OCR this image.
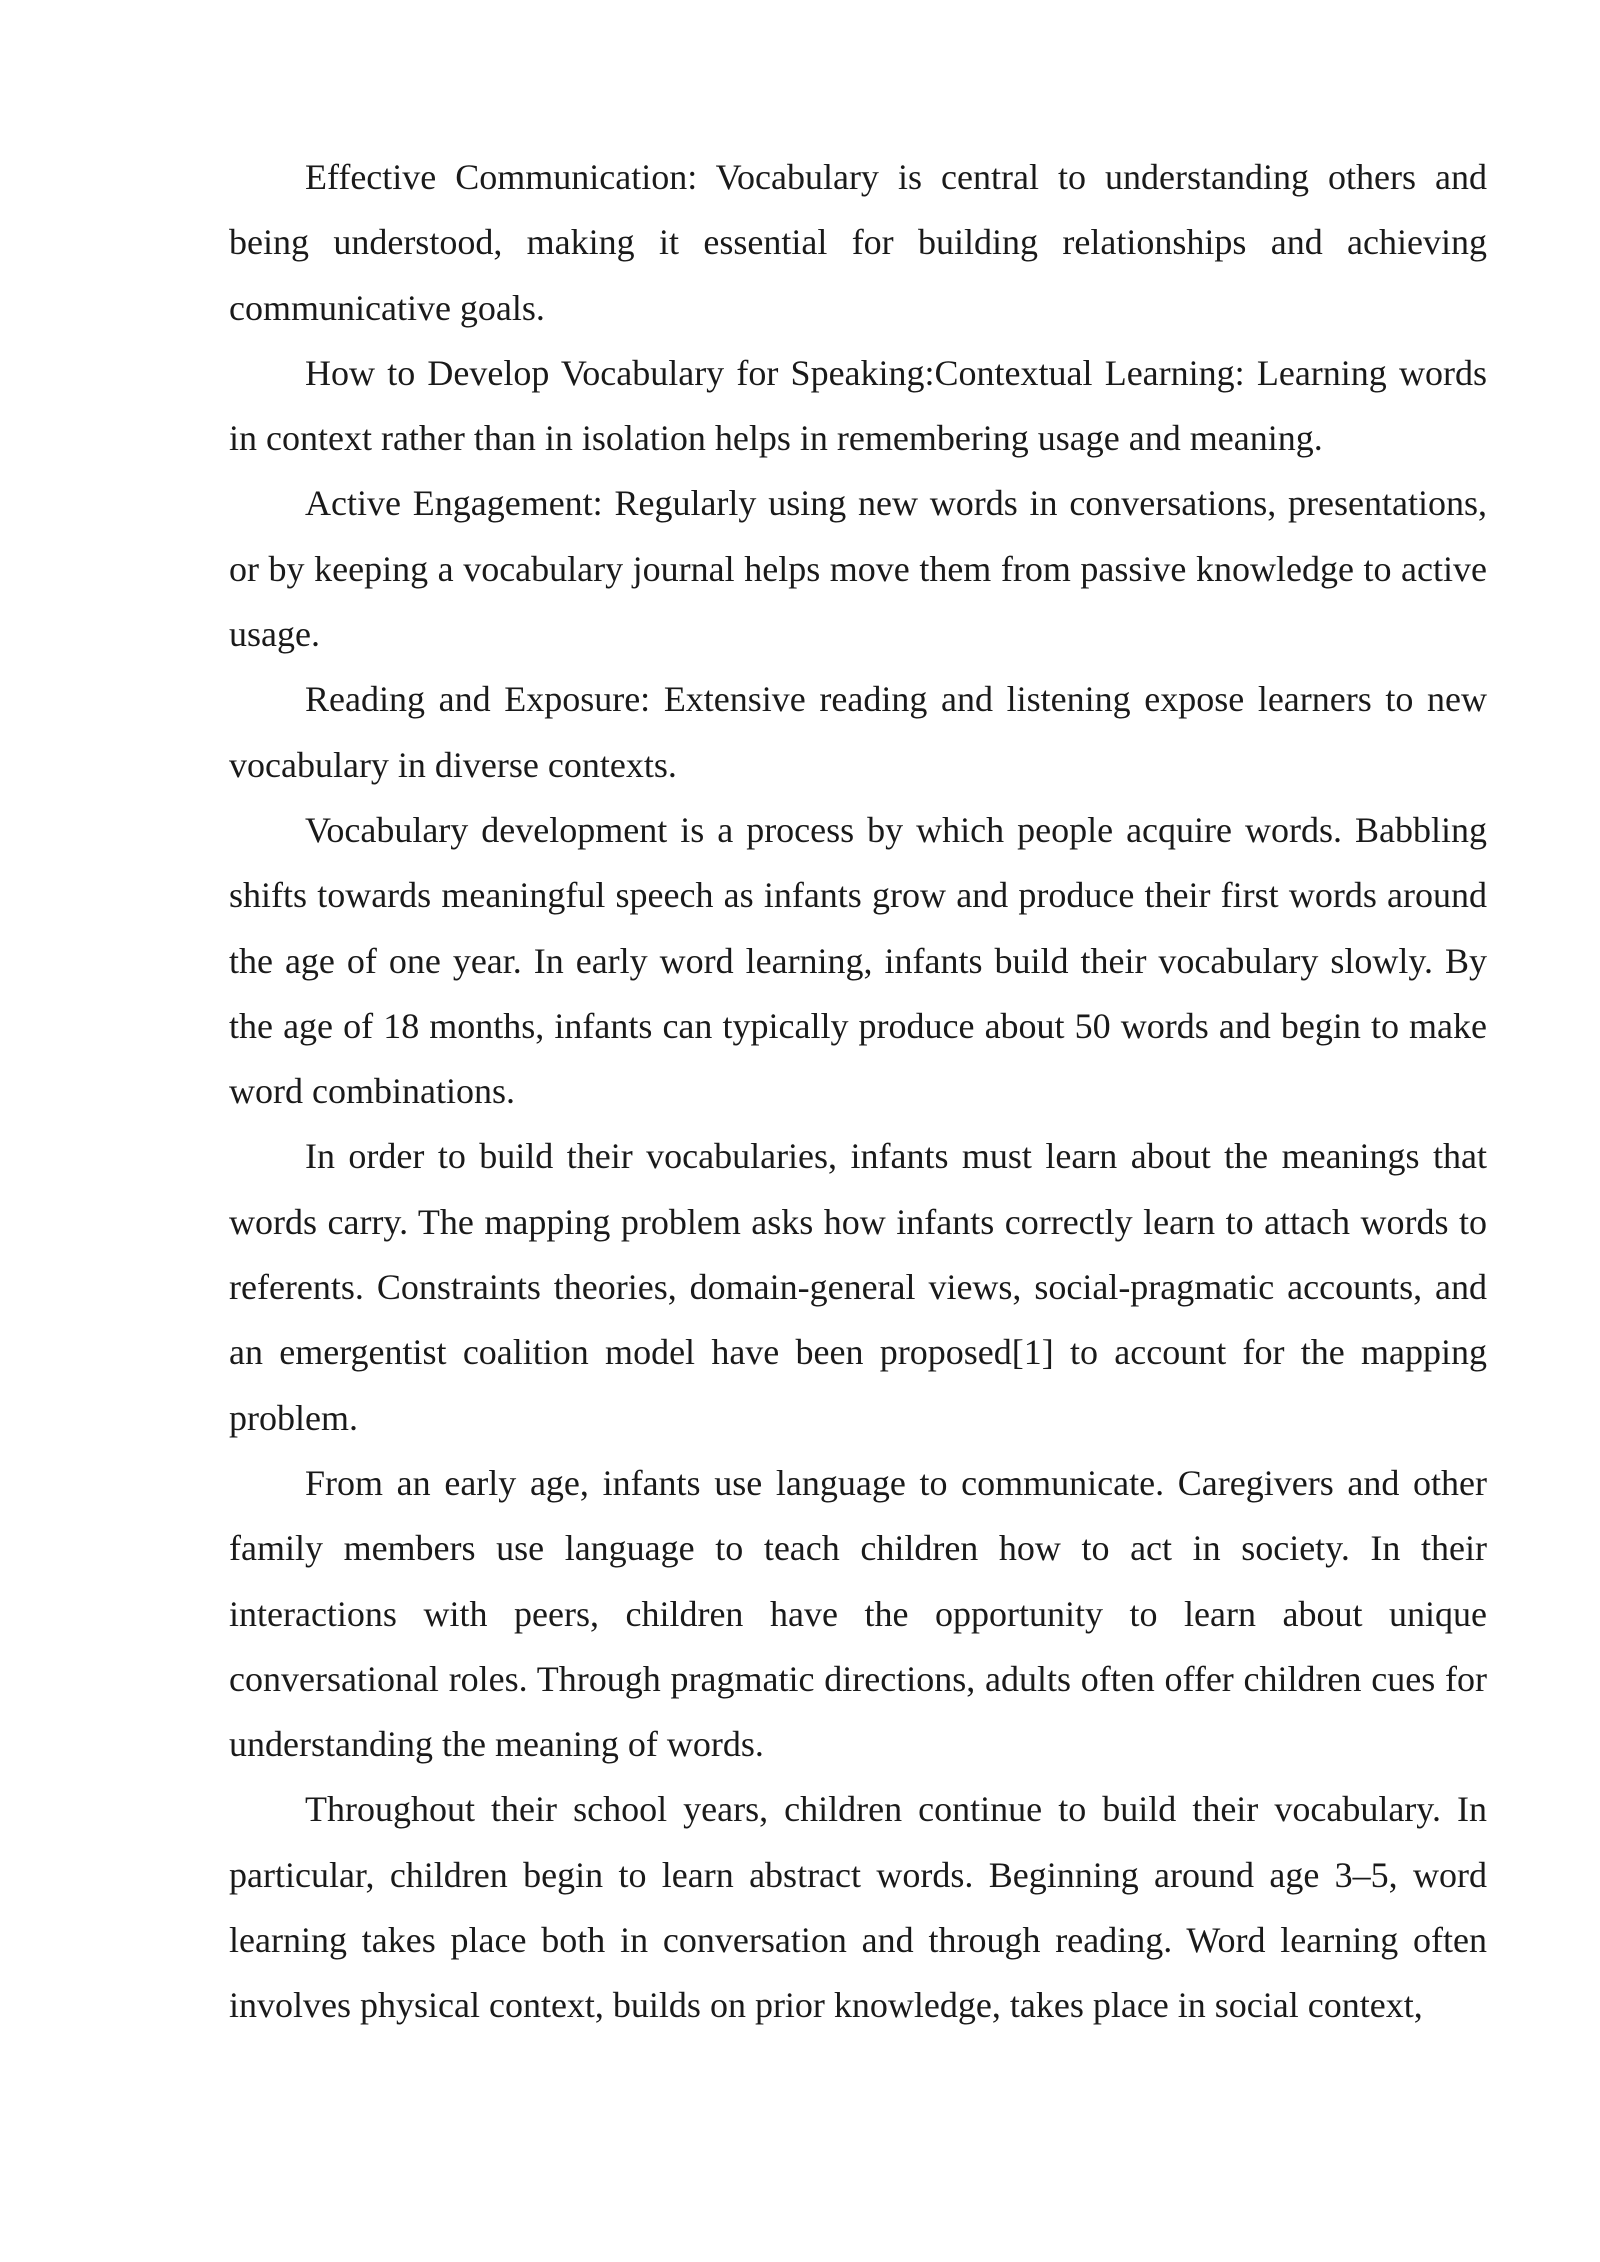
Effective Communication: Vocabulary is central to understanding others and being understood, making it essential for building relationships and achieving communicative goals.

How to Develop Vocabulary for Speaking:Contextual Learning: Learning words in context rather than in isolation helps in remembering usage and meaning.

Active Engagement: Regularly using new words in conversations, presentations, or by keeping a vocabulary journal helps move them from passive knowledge to active usage.

Reading and Exposure: Extensive reading and listening expose learners to new vocabulary in diverse contexts.

Vocabulary development is a process by which people acquire words. Babbling shifts towards meaningful speech as infants grow and produce their first words around the age of one year. In early word learning, infants build their vocabulary slowly. By the age of 18 months, infants can typically produce about 50 words and begin to make word combinations.

In order to build their vocabularies, infants must learn about the meanings that words carry. The mapping problem asks how infants correctly learn to attach words to referents. Constraints theories, domain-general views, social-pragmatic accounts, and an emergentist coalition model have been proposed[1] to account for the mapping problem.

From an early age, infants use language to communicate. Caregivers and other family members use language to teach children how to act in society. In their interactions with peers, children have the opportunity to learn about unique conversational roles. Through pragmatic directions, adults often offer children cues for understanding the meaning of words.

Throughout their school years, children continue to build their vocabulary. In particular, children begin to learn abstract words. Beginning around age 3–5, word learning takes place both in conversation and through reading. Word learning often involves physical context, builds on prior knowledge, takes place in social context,
